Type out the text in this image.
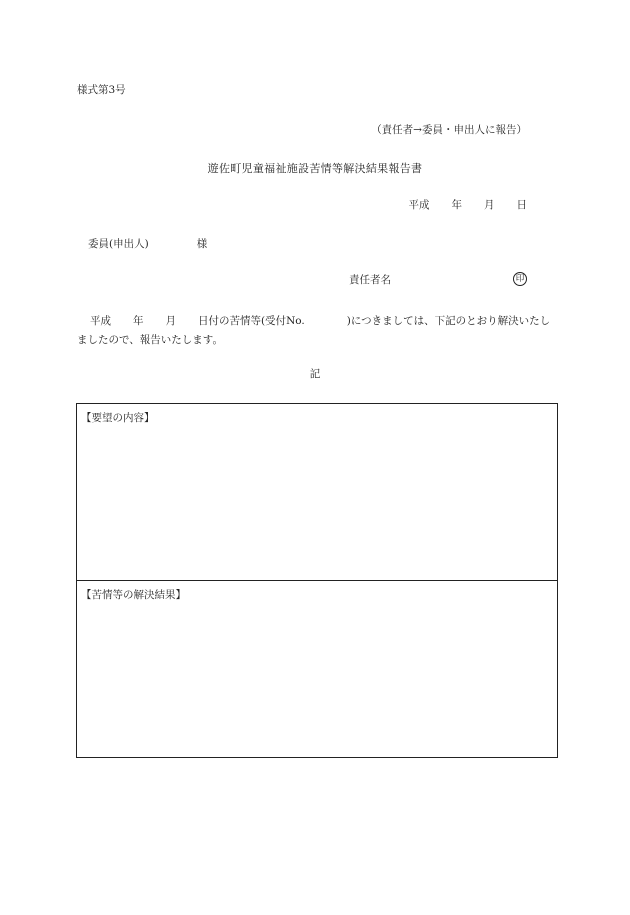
様式第3号
（責任者→委員・申出人に報告）
遊佐町児童福祉施設苦情等解決結果報告書
平成 年 月 日
委員(申出人)	様
責任者名	印
平成 年 月 日付の苦情等(受付No.	)につきましては、下記のとおり解決いたしましたので、報告いたします。
記
【要望の内容】
【苦情等の解決結果】
